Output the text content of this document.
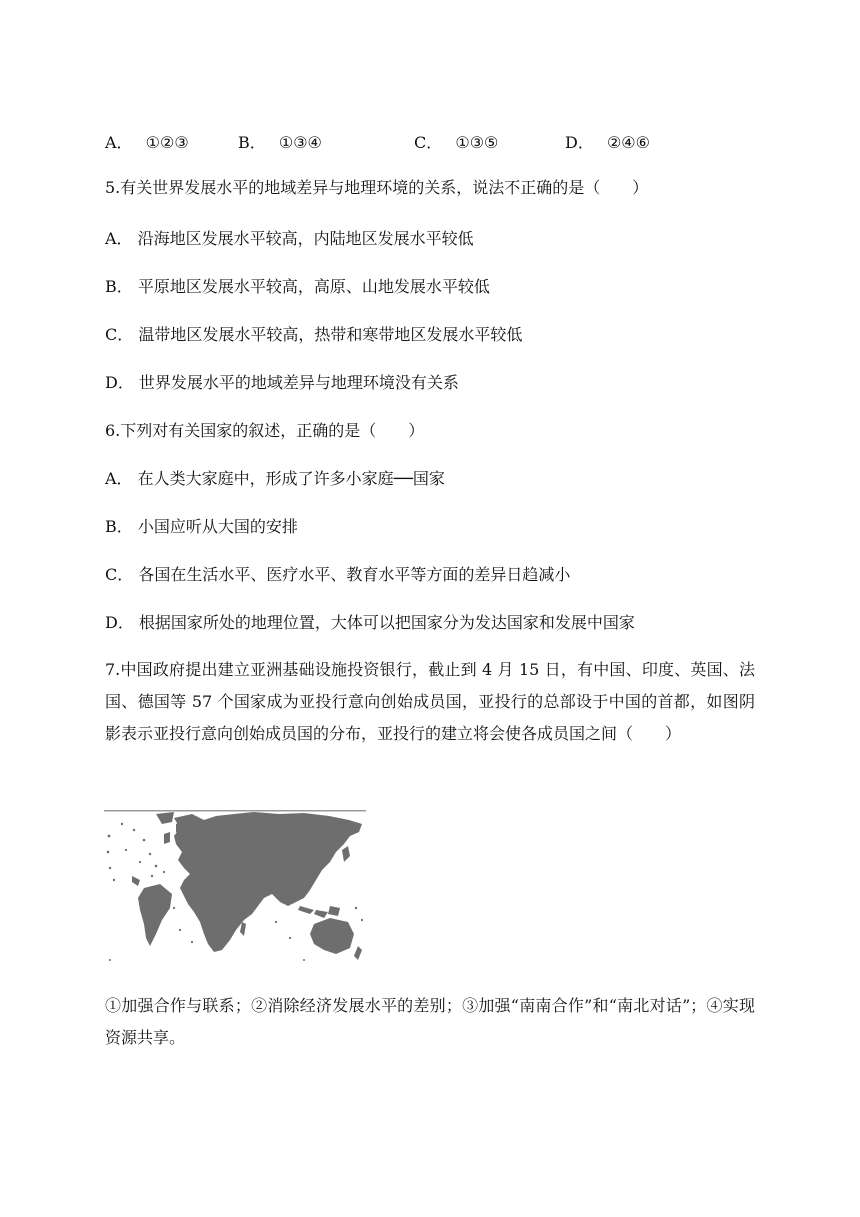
A． ①②③	B． ①③④	C． ①③⑤	D． ②④⑥
5.有关世界发展水平的地域差异与地理环境的关系，说法不正确的是（　　）
A． 沿海地区发展水平较高，内陆地区发展水平较低
B． 平原地区发展水平较高，高原、山地发展水平较低
C． 温带地区发展水平较高，热带和寒带地区发展水平较低
D． 世界发展水平的地域差异与地理环境没有关系
6.下列对有关国家的叙述，正确的是（　　）
A． 在人类大家庭中，形成了许多小家庭──国家
B． 小国应听从大国的安排
C． 各国在生活水平、医疗水平、教育水平等方面的差异日趋减小
D． 根据国家所处的地理位置，大体可以把国家分为发达国家和发展中国家
7.中国政府提出建立亚洲基础设施投资银行，截止到 4 月 15 日，有中国、印度、英国、法国、德国等 57 个国家成为亚投行意向创始成员国，亚投行的总部设于中国的首都，如图阴影表示亚投行意向创始成员国的分布，亚投行的建立将会使各成员国之间（　　）
①加强合作与联系；②消除经济发展水平的差别；③加强“南南合作”和“南北对话”；④实现资源共享。
